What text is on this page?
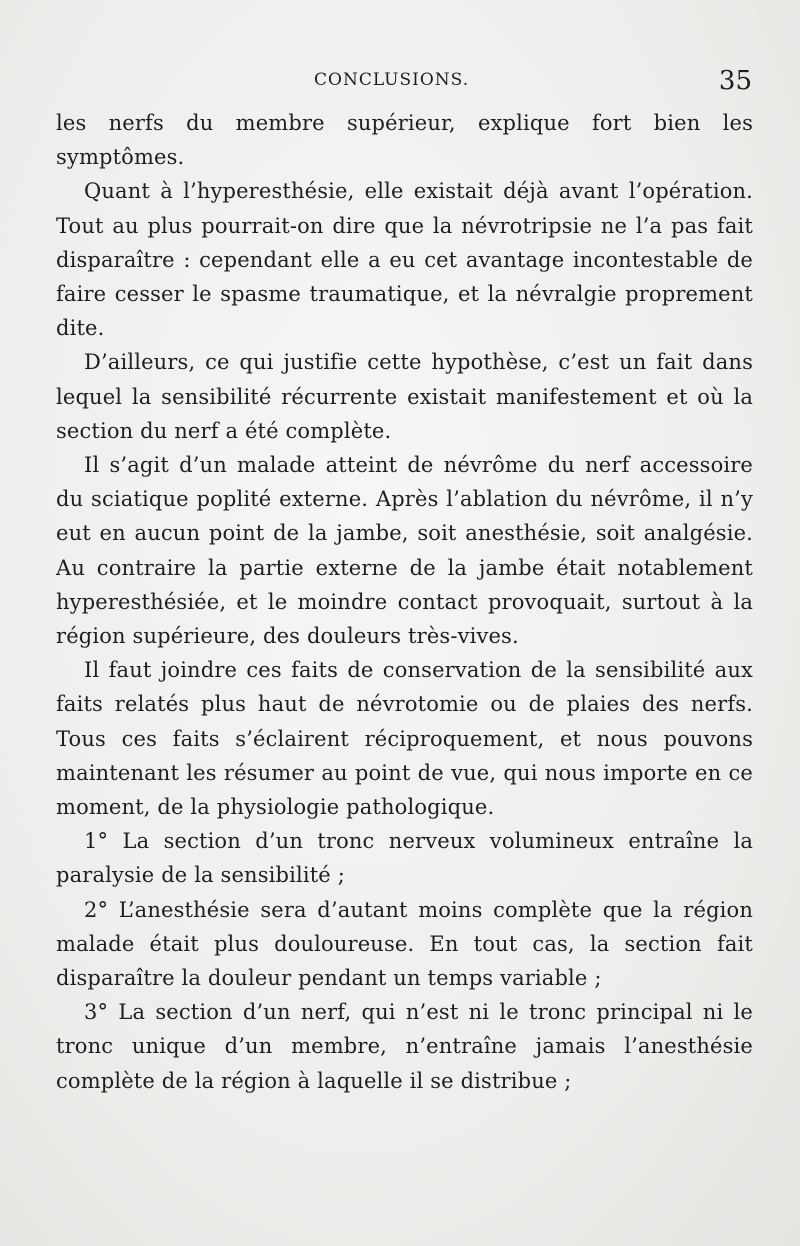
CONCLUSIONS.	35

les nerfs du membre supérieur, explique fort bien les symptômes.

Quant à l’hyperesthésie, elle existait déjà avant l’opération. Tout au plus pourrait-on dire que la névrotripsie ne l’a pas fait disparaître : cependant elle a eu cet avantage incontestable de faire cesser le spasme traumatique, et la névralgie proprement dite.

D’ailleurs, ce qui justifie cette hypothèse, c’est un fait dans lequel la sensibilité récurrente existait manifestement et où la section du nerf a été complète.

Il s’agit d’un malade atteint de névrôme du nerf accessoire du sciatique poplité externe. Après l’ablation du névrôme, il n’y eut en aucun point de la jambe, soit anesthésie, soit analgésie. Au contraire la partie externe de la jambe était notablement hyperesthésiée, et le moindre contact provoquait, surtout à la région supérieure, des douleurs très-vives.

Il faut joindre ces faits de conservation de la sensibilité aux faits relatés plus haut de névrotomie ou de plaies des nerfs. Tous ces faits s’éclairent réciproquement, et nous pouvons maintenant les résumer au point de vue, qui nous importe en ce moment, de la physiologie pathologique.

1° La section d’un tronc nerveux volumineux entraîne la paralysie de la sensibilité ;

2° L’anesthésie sera d’autant moins complète que la région malade était plus douloureuse. En tout cas, la section fait disparaître la douleur pendant un temps variable ;

3° La section d’un nerf, qui n’est ni le tronc principal ni le tronc unique d’un membre, n’entraîne jamais l’anesthésie complète de la région à laquelle il se distribue ;
